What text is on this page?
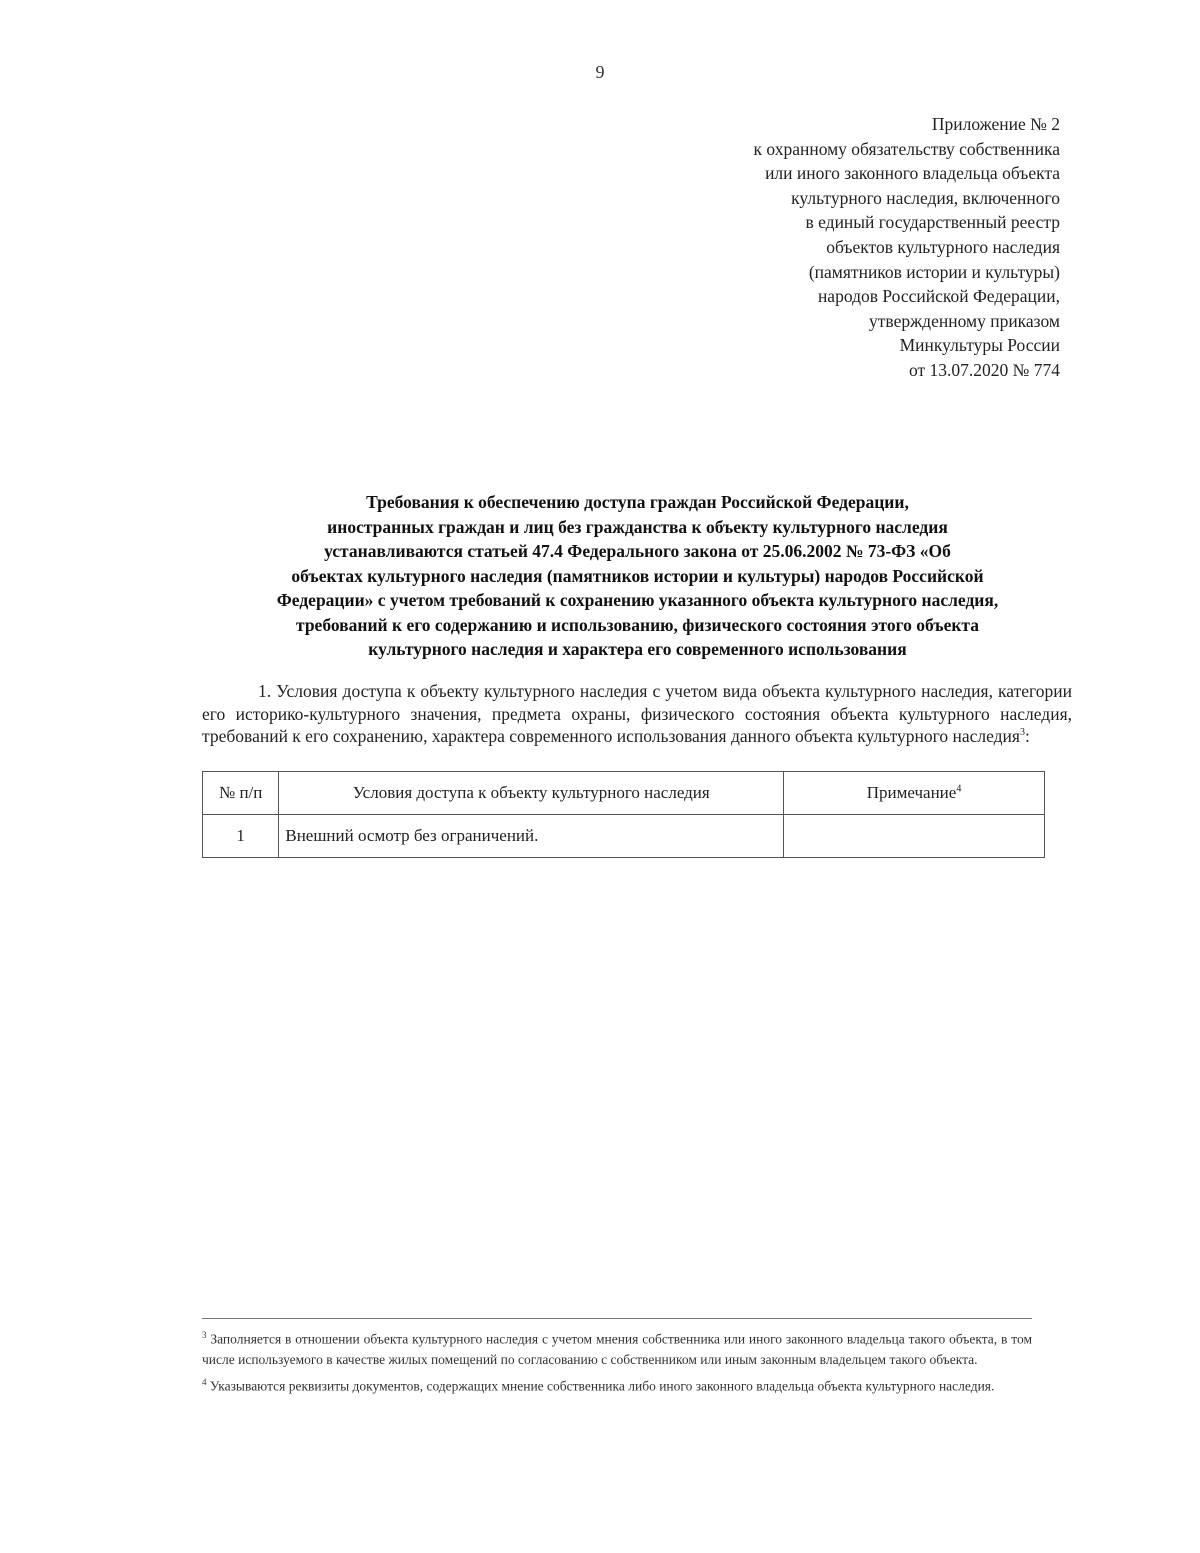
9
Приложение № 2
к охранному обязательству собственника
или иного законного владельца объекта
культурного наследия, включенного
в единый государственный реестр
объектов культурного наследия
(памятников истории и культуры)
народов Российской Федерации,
утвержденному приказом
Минкультуры России
от 13.07.2020 № 774
Требования к обеспечению доступа граждан Российской Федерации,
иностранных граждан и лиц без гражданства к объекту культурного наследия
устанавливаются статьей 47.4 Федерального закона от 25.06.2002 № 73-ФЗ «Об
объектах культурного наследия (памятников истории и культуры) народов Российской
Федерации» с учетом требований к сохранению указанного объекта культурного наследия,
требований к его содержанию и использованию, физического состояния этого объекта
культурного наследия и характера его современного использования
1. Условия доступа к объекту культурного наследия с учетом вида объекта культурного наследия, категории его историко-культурного значения, предмета охраны, физического состояния объекта культурного наследия, требований к его сохранению, характера современного использования данного объекта культурного наследия$^3$:
№ п/п	Условия доступа к объекту культурного наследия	Примечание$^4$
1	Внешний осмотр без ограничений.	

$^3$ Заполняется в отношении объекта культурного наследия с учетом мнения собственника или иного законного владельца такого объекта, в том числе используемого в качестве жилых помещений по согласованию с собственником или иным законным владельцем такого объекта.

$^4$ Указываются реквизиты документов, содержащих мнение собственника либо иного законного владельца объекта культурного наследия.
